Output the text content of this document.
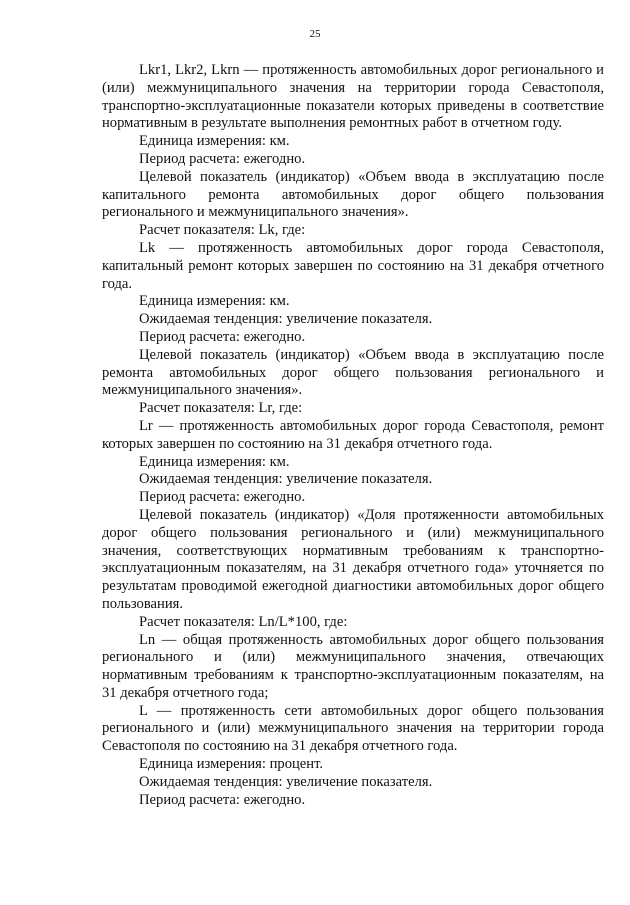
25

Lkr1, Lkr2, Lkrn — протяженность автомобильных дорог регионального и (или) межмуниципального значения на территории города Севастополя, транспортно-эксплуатационные показатели которых приведены в соответствие нормативным в результате выполнения ремонтных работ в отчетном году.

Единица измерения: км.

Период расчета: ежегодно.

Целевой показатель (индикатор) «Объем ввода в эксплуатацию после капитального ремонта автомобильных дорог общего пользования регионального и межмуниципального значения».

Расчет показателя: Lk, где:

Lk — протяженность автомобильных дорог города Севастополя, капитальный ремонт которых завершен по состоянию на 31 декабря отчетного года.

Единица измерения: км.

Ожидаемая тенденция: увеличение показателя.

Период расчета: ежегодно.

Целевой показатель (индикатор) «Объем ввода в эксплуатацию после ремонта автомобильных дорог общего пользования регионального и межмуниципального значения».

Расчет показателя: Lr, где:

Lr — протяженность автомобильных дорог города Севастополя, ремонт которых завершен по состоянию на 31 декабря отчетного года.

Единица измерения: км.

Ожидаемая тенденция: увеличение показателя.

Период расчета: ежегодно.

Целевой показатель (индикатор) «Доля протяженности автомобильных дорог общего пользования регионального и (или) межмуниципального значения, соответствующих нормативным требованиям к транспортно-эксплуатационным показателям, на 31 декабря отчетного года» уточняется по результатам проводимой ежегодной диагностики автомобильных дорог общего пользования.

Расчет показателя: Ln/L*100, где:

Ln — общая протяженность автомобильных дорог общего пользования регионального и (или) межмуниципального значения, отвечающих нормативным требованиям к транспортно-эксплуатационным показателям, на 31 декабря отчетного года;

L — протяженность сети автомобильных дорог общего пользования регионального и (или) межмуниципального значения на территории города Севастополя по состоянию на 31 декабря отчетного года.

Единица измерения: процент.

Ожидаемая тенденция: увеличение показателя.

Период расчета: ежегодно.
